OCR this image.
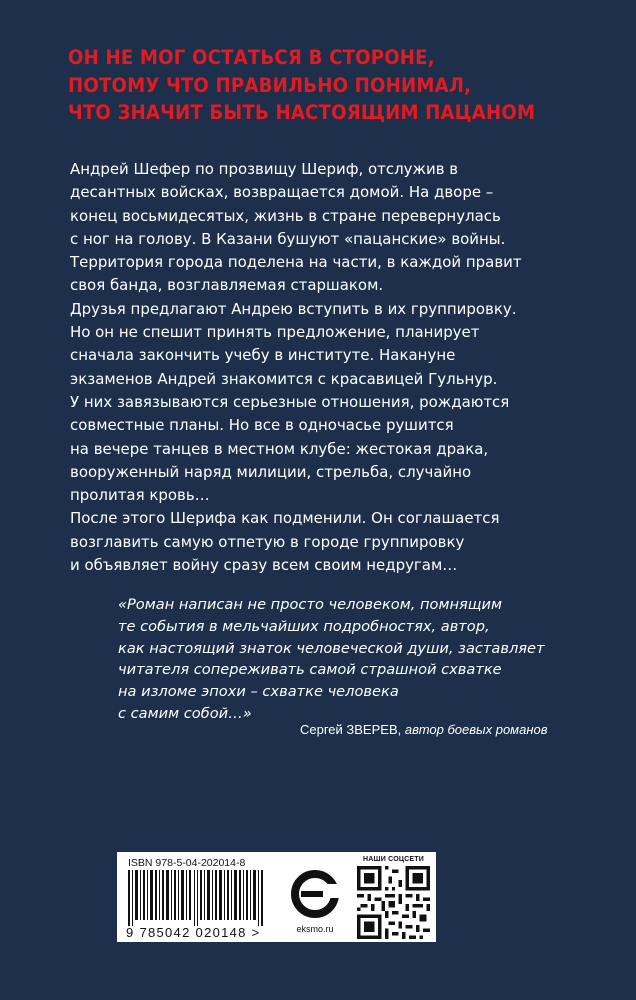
ОН НЕ МОГ ОСТАТЬСЯ В СТОРОНЕ,
ПОТОМУ ЧТО ПРАВИЛЬНО ПОНИМАЛ,
ЧТО ЗНАЧИТ БЫТЬ НАСТОЯЩИМ ПАЦАНОМ
Андрей Шефер по прозвищу Шериф, отслужив в
десантных войсках, возвращается домой. На дворе –
конец восьмидесятых, жизнь в стране перевернулась
с ног на голову. В Казани бушуют «пацанские» войны.
Территория города поделена на части, в каждой правит
своя банда, возглавляемая старшаком.
Друзья предлагают Андрею вступить в их группировку.
Но он не спешит принять предложение, планирует
сначала закончить учебу в институте. Накануне
экзаменов Андрей знакомится с красавицей Гульнур.
У них завязываются серьезные отношения, рождаются
совместные планы. Но все в одночасье рушится
на вечере танцев в местном клубе: жестокая драка,
вооруженный наряд милиции, стрельба, случайно
пролитая кровь…
После этого Шерифа как подменили. Он соглашается
возглавить самую отпетую в городе группировку
и объявляет войну сразу всем своим недругам…
«Роман написан не просто человеком, помнящим
те события в мельчайших подробностях, автор,
как настоящий знаток человеческой души, заставляет
читателя сопереживать самой страшной схватке
на изломе эпохи – схватке человека
с самим собой…»
Сергей ЗВЕРЕВ, автор боевых романов
ISBN 978-5-04-202014-8
9 785042 020148 >	eksmo.ru
НАШИ СОЦСЕТИ
